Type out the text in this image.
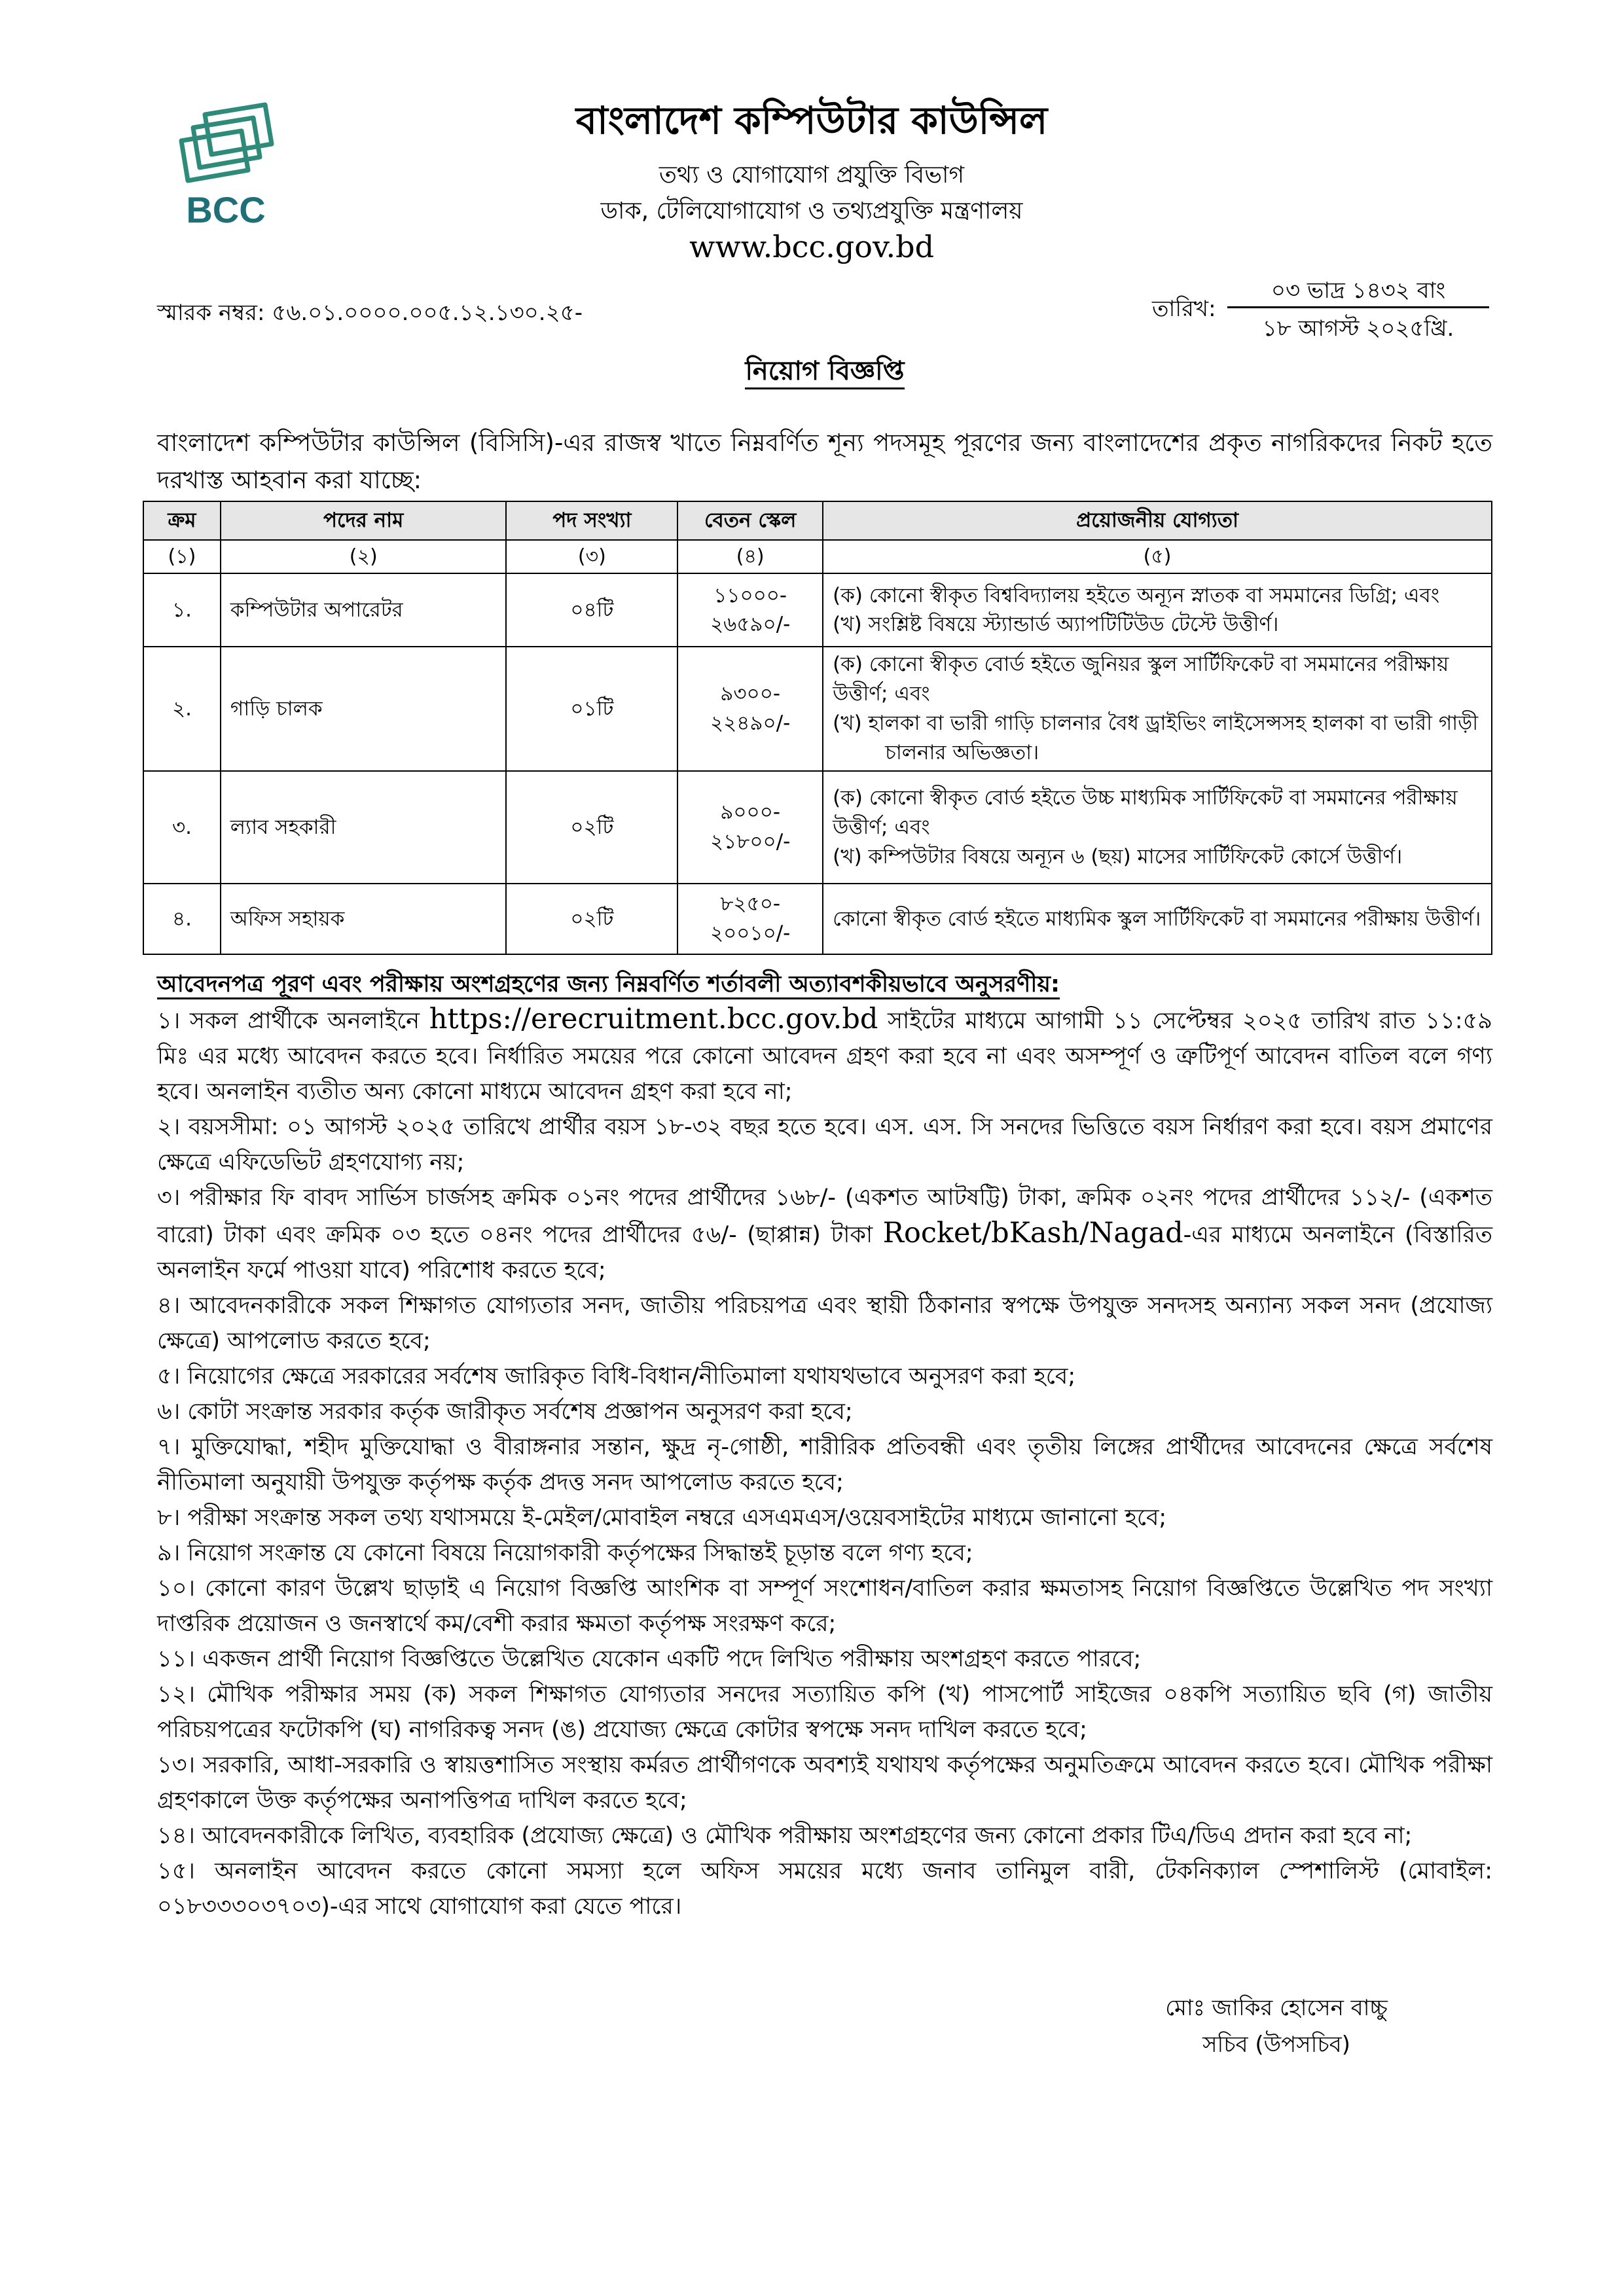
BCC
বাংলাদেশ কম্পিউটার কাউন্সিল
তথ্য ও যোগাযোগ প্রযুক্তি বিভাগ
ডাক, টেলিযোগাযোগ ও তথ্যপ্রযুক্তি মন্ত্রণালয়
www.bcc.gov.bd
স্মারক নম্বর: ৫৬.০১.০০০০.০০৫.১২.১৩০.২৫-	তারিখ:
০৩ ভাদ্র ১৪৩২ বাং
১৮ আগস্ট ২০২৫খ্রি.
নিয়োগ বিজ্ঞপ্তি
বাংলাদেশ কম্পিউটার কাউন্সিল (বিসিসি)-এর রাজস্ব খাতে নিম্নবর্ণিত শূন্য পদসমূহ পূরণের জন্য বাংলাদেশের প্রকৃত নাগরিকদের নিকট হতে দরখাস্ত আহবান করা যাচ্ছে:
ক্রম	পদের নাম	পদ সংখ্যা	বেতন স্কেল	প্রয়োজনীয় যোগ্যতা
(১)	(২)	(৩)	(৪)	(৫)
১.	কম্পিউটার অপারেটর	০৪টি	১১০০০-
২৬৫৯০/-	(ক) কোনো স্বীকৃত বিশ্ববিদ্যালয় হইতে অন্যূন স্নাতক বা সমমানের ডিগ্রি; এবং
(খ) সংশ্লিষ্ট বিষয়ে স্ট্যান্ডার্ড অ্যাপটিটিউড টেস্টে উত্তীর্ণ।

২.	গাড়ি চালক	০১টি	৯৩০০-
২২৪৯০/-	(ক) কোনো স্বীকৃত বোর্ড হইতে জুনিয়র স্কুল সার্টিফিকেট বা সমমানের পরীক্ষায় উত্তীর্ণ; এবং
(খ) হালকা বা ভারী গাড়ি চালনার বৈধ ড্রাইভিং লাইসেন্সসহ হালকা বা ভারী গাড়ী
চালনার অভিজ্ঞতা।

৩.	ল্যাব সহকারী	০২টি	৯০০০-
২১৮০০/-	(ক) কোনো স্বীকৃত বোর্ড হইতে উচ্চ মাধ্যমিক সার্টিফিকেট বা সমমানের পরীক্ষায় উত্তীর্ণ; এবং
(খ) কম্পিউটার বিষয়ে অন্যূন ৬ (ছয়) মাসের সার্টিফিকেট কোর্সে উত্তীর্ণ।

৪.	অফিস সহায়ক	০২টি	৮২৫০-
২০০১০/-	কোনো স্বীকৃত বোর্ড হইতে মাধ্যমিক স্কুল সার্টিফিকেট বা সমমানের পরীক্ষায় উত্তীর্ণ।
আবেদনপত্র পূরণ এবং পরীক্ষায় অংশগ্রহণের জন্য নিম্নবর্ণিত শর্তাবলী অত্যাবশকীয়ভাবে অনুসরণীয়:

১। সকল প্রার্থীকে অনলাইনে https://erecruitment.bcc.gov.bd সাইটের মাধ্যমে আগামী ১১ সেপ্টেম্বর ২০২৫ তারিখ রাত ১১:৫৯ মিঃ এর মধ্যে আবেদন করতে হবে। নির্ধারিত সময়ের পরে কোনো আবেদন গ্রহণ করা হবে না এবং অসম্পূর্ণ ও ত্রুটিপূর্ণ আবেদন বাতিল বলে গণ্য হবে। অনলাইন ব্যতীত অন্য কোনো মাধ্যমে আবেদন গ্রহণ করা হবে না;

২। বয়সসীমা: ০১ আগস্ট ২০২৫ তারিখে প্রার্থীর বয়স ১৮-৩২ বছর হতে হবে। এস. এস. সি সনদের ভিত্তিতে বয়স নির্ধারণ করা হবে। বয়স প্রমাণের ক্ষেত্রে এফিডেভিট গ্রহণযোগ্য নয়;

৩। পরীক্ষার ফি বাবদ সার্ভিস চার্জসহ ক্রমিক ০১নং পদের প্রার্থীদের ১৬৮/- (একশত আটষট্টি) টাকা, ক্রমিক ০২নং পদের প্রার্থীদের ১১২/- (একশত বারো) টাকা এবং ক্রমিক ০৩ হতে ০৪নং পদের প্রার্থীদের ৫৬/- (ছাপ্পান্ন) টাকা Rocket/bKash/Nagad-এর মাধ্যমে অনলাইনে (বিস্তারিত অনলাইন ফর্মে পাওয়া যাবে) পরিশোধ করতে হবে;

৪। আবেদনকারীকে সকল শিক্ষাগত যোগ্যতার সনদ, জাতীয় পরিচয়পত্র এবং স্থায়ী ঠিকানার স্বপক্ষে উপযুক্ত সনদসহ অন্যান্য সকল সনদ (প্রযোজ্য ক্ষেত্রে) আপলোড করতে হবে;

৫। নিয়োগের ক্ষেত্রে সরকারের সর্বশেষ জারিকৃত বিধি-বিধান/নীতিমালা যথাযথভাবে অনুসরণ করা হবে;

৬। কোটা সংক্রান্ত সরকার কর্তৃক জারীকৃত সর্বশেষ প্রজ্ঞাপন অনুসরণ করা হবে;

৭। মুক্তিযোদ্ধা, শহীদ মুক্তিযোদ্ধা ও বীরাঙ্গনার সন্তান, ক্ষুদ্র নৃ-গোষ্ঠী, শারীরিক প্রতিবন্ধী এবং তৃতীয় লিঙ্গের প্রার্থীদের আবেদনের ক্ষেত্রে সর্বশেষ নীতিমালা অনুযায়ী উপযুক্ত কর্তৃপক্ষ কর্তৃক প্রদত্ত সনদ আপলোড করতে হবে;

৮। পরীক্ষা সংক্রান্ত সকল তথ্য যথাসময়ে ই-মেইল/মোবাইল নম্বরে এসএমএস/ওয়েবসাইটের মাধ্যমে জানানো হবে;

৯। নিয়োগ সংক্রান্ত যে কোনো বিষয়ে নিয়োগকারী কর্তৃপক্ষের সিদ্ধান্তই চূড়ান্ত বলে গণ্য হবে;

১০। কোনো কারণ উল্লেখ ছাড়াই এ নিয়োগ বিজ্ঞপ্তি আংশিক বা সম্পূর্ণ সংশোধন/বাতিল করার ক্ষমতাসহ নিয়োগ বিজ্ঞপ্তিতে উল্লেখিত পদ সংখ্যা দাপ্তরিক প্রয়োজন ও জনস্বার্থে কম/বেশী করার ক্ষমতা কর্তৃপক্ষ সংরক্ষণ করে;

১১। একজন প্রার্থী নিয়োগ বিজ্ঞপ্তিতে উল্লেখিত যেকোন একটি পদে লিখিত পরীক্ষায় অংশগ্রহণ করতে পারবে;

১২। মৌখিক পরীক্ষার সময় (ক) সকল শিক্ষাগত যোগ্যতার সনদের সত্যায়িত কপি (খ) পাসপোর্ট সাইজের ০৪কপি সত্যায়িত ছবি (গ) জাতীয় পরিচয়পত্রের ফটোকপি (ঘ) নাগরিকত্ব সনদ (ঙ) প্রযোজ্য ক্ষেত্রে কোটার স্বপক্ষে সনদ দাখিল করতে হবে;

১৩। সরকারি, আধা-সরকারি ও স্বায়ত্তশাসিত সংস্থায় কর্মরত প্রার্থীগণকে অবশ্যই যথাযথ কর্তৃপক্ষের অনুমতিক্রমে আবেদন করতে হবে। মৌখিক পরীক্ষা গ্রহণকালে উক্ত কর্তৃপক্ষের অনাপত্তিপত্র দাখিল করতে হবে;

১৪। আবেদনকারীকে লিখিত, ব্যবহারিক (প্রযোজ্য ক্ষেত্রে) ও মৌখিক পরীক্ষায় অংশগ্রহণের জন্য কোনো প্রকার টিএ/ডিএ প্রদান করা হবে না;

১৫। অনলাইন আবেদন করতে কোনো সমস্যা হলে অফিস সময়ের মধ্যে জনাব তানিমুল বারী, টেকনিক্যাল স্পেশালিস্ট (মোবাইল: ০১৮৩৩৩০৩৭০৩)-এর সাথে যোগাযোগ করা যেতে পারে।

মোঃ জাকির হোসেন বাচ্চু
সচিব (উপসচিব)
